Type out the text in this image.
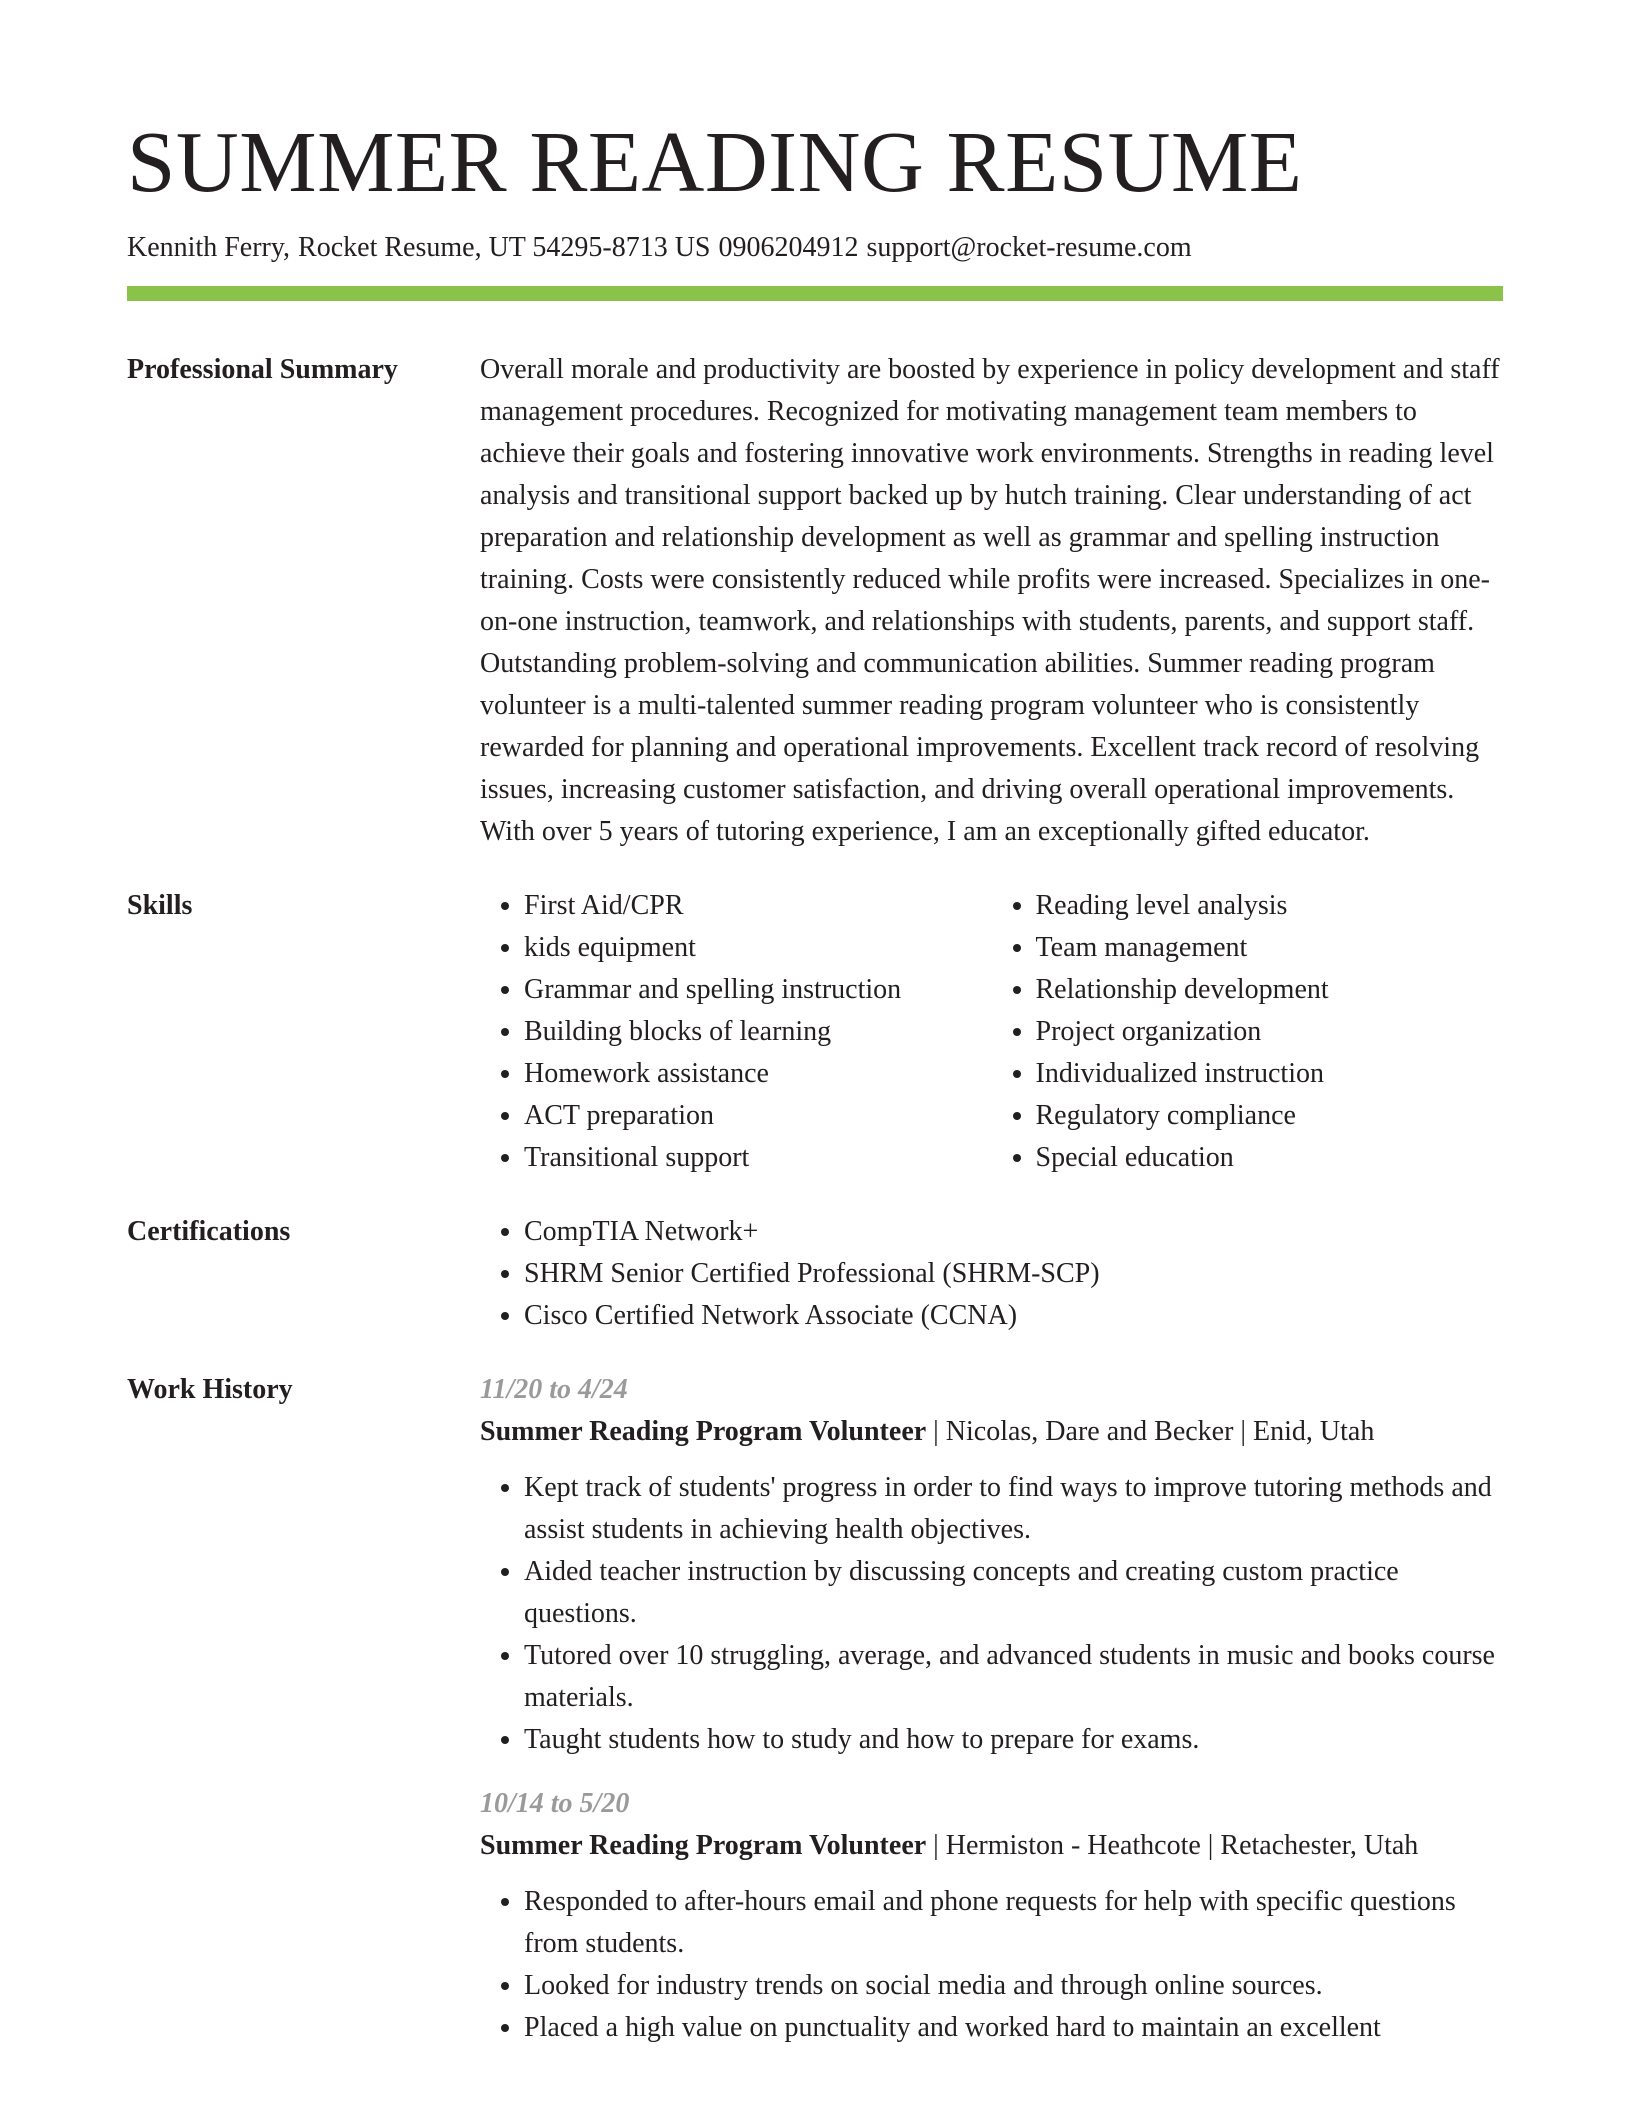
SUMMER READING RESUME
Kennith Ferry, Rocket Resume, UT 54295-8713 US 0906204912 support@rocket-resume.com
Professional Summary	Overall morale and productivity are boosted by experience in policy development and staff management procedures. Recognized for motivating management team members to achieve their goals and fostering innovative work environments. Strengths in reading level analysis and transitional support backed up by hutch training. Clear understanding of act preparation and relationship development as well as grammar and spelling instruction training. Costs were consistently reduced while profits were increased. Specializes in one-on-one instruction, teamwork, and relationships with students, parents, and support staff. Outstanding problem-solving and communication abilities. Summer reading program volunteer is a multi-talented summer reading program volunteer who is consistently rewarded for planning and operational improvements. Excellent track record of resolving issues, increasing customer satisfaction, and driving overall operational improvements. With over 5 years of tutoring experience, I am an exceptionally gifted educator.

Skills	• First Aid/CPR
• kids equipment
• Grammar and spelling instruction
• Building blocks of learning
• Homework assistance
• ACT preparation
• Transitional support
• Reading level analysis
• Team management
• Relationship development
• Project organization
• Individualized instruction
• Regulatory compliance
• Special education
Certifications	• CompTIA Network+
• SHRM Senior Certified Professional (SHRM-SCP)
• Cisco Certified Network Associate (CCNA)
Work History	11/20 to 4/24
Summer Reading Program Volunteer | Nicolas, Dare and Becker | Enid, Utah
• Kept track of students' progress in order to find ways to improve tutoring methods and assist students in achieving health objectives.
• Aided teacher instruction by discussing concepts and creating custom practice questions.
• Tutored over 10 struggling, average, and advanced students in music and books course materials.
• Taught students how to study and how to prepare for exams.
10/14 to 5/20
Summer Reading Program Volunteer | Hermiston - Heathcote | Retachester, Utah
• Responded to after-hours email and phone requests for help with specific questions from students.
• Looked for industry trends on social media and through online sources.
• Placed a high value on punctuality and worked hard to maintain an excellent
